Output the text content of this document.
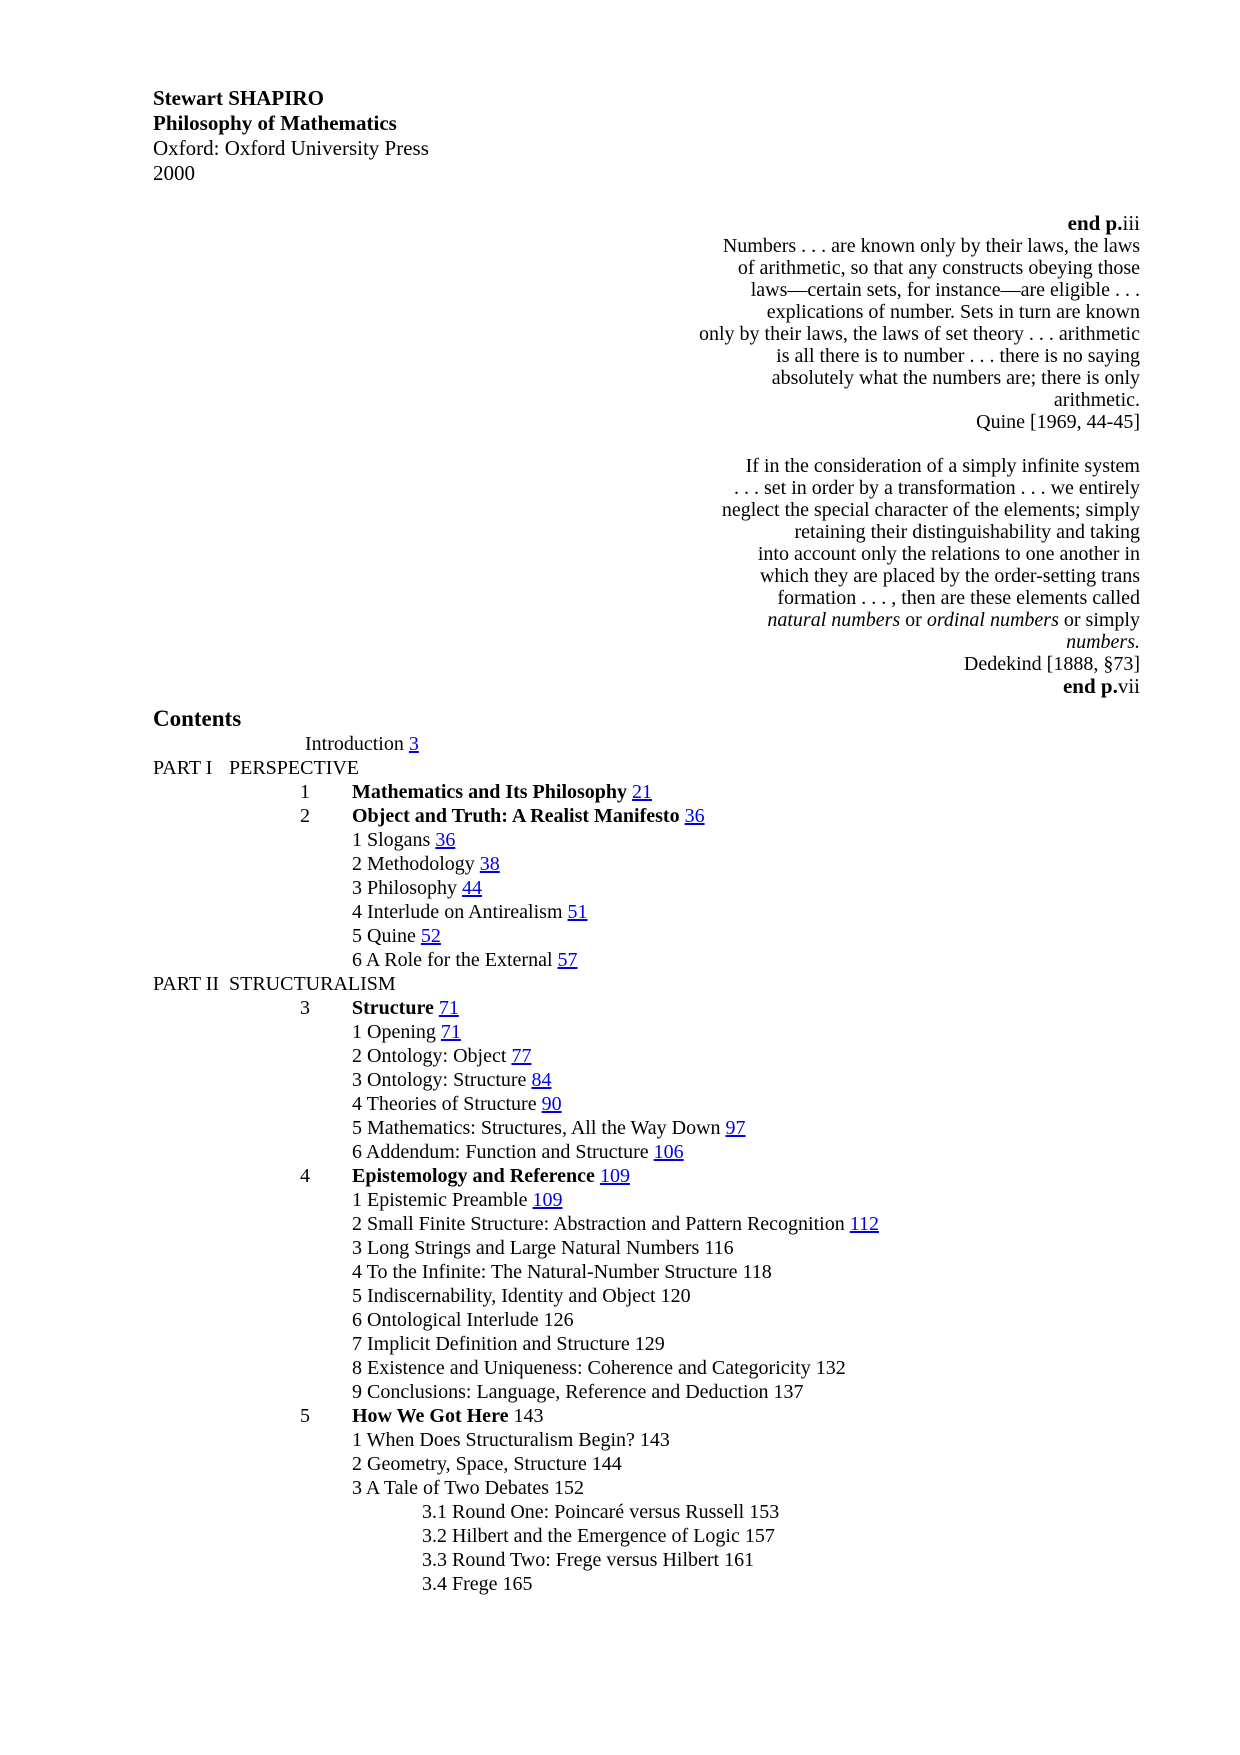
Stewart SHAPIRO
Philosophy of Mathematics
Oxford: Oxford University Press
2000
end p.iii
Numbers . . . are known only by their laws, the laws
of arithmetic, so that any constructs obeying those
laws—certain sets, for instance—are eligible . . .
explications of number. Sets in turn are known
only by their laws, the laws of set theory . . . arithmetic
is all there is to number . . . there is no saying
absolutely what the numbers are; there is only
arithmetic.
Quine [1969, 44-45]
If in the consideration of a simply infinite system
. . . set in order by a transformation . . . we entirely
neglect the special character of the elements; simply
retaining their distinguishability and taking
into account only the relations to one another in
which they are placed by the order-setting trans
formation . . . , then are these elements called
natural numbers or ordinal numbers or simply
numbers.
Dedekind [1888, §73]
end p.vii
Contents
Introduction 3
PART I PERSPECTIVE
1 Mathematics and Its Philosophy 21
2 Object and Truth: A Realist Manifesto 36
1 Slogans 36
2 Methodology 38
3 Philosophy 44
4 Interlude on Antirealism 51
5 Quine 52
6 A Role for the External 57
PART II STRUCTURALISM
3 Structure 71
1 Opening 71
2 Ontology: Object 77
3 Ontology: Structure 84
4 Theories of Structure 90
5 Mathematics: Structures, All the Way Down 97
6 Addendum: Function and Structure 106
4 Epistemology and Reference 109
1 Epistemic Preamble 109
2 Small Finite Structure: Abstraction and Pattern Recognition 112
3 Long Strings and Large Natural Numbers 116
4 To the Infinite: The Natural-Number Structure 118
5 Indiscernability, Identity and Object 120
6 Ontological Interlude 126
7 Implicit Definition and Structure 129
8 Existence and Uniqueness: Coherence and Categoricity 132
9 Conclusions: Language, Reference and Deduction 137
5 How We Got Here 143
1 When Does Structuralism Begin? 143
2 Geometry, Space, Structure 144
3 A Tale of Two Debates 152
3.1 Round One: Poincaré versus Russell 153
3.2 Hilbert and the Emergence of Logic 157
3.3 Round Two: Frege versus Hilbert 161
3.4 Frege 165
